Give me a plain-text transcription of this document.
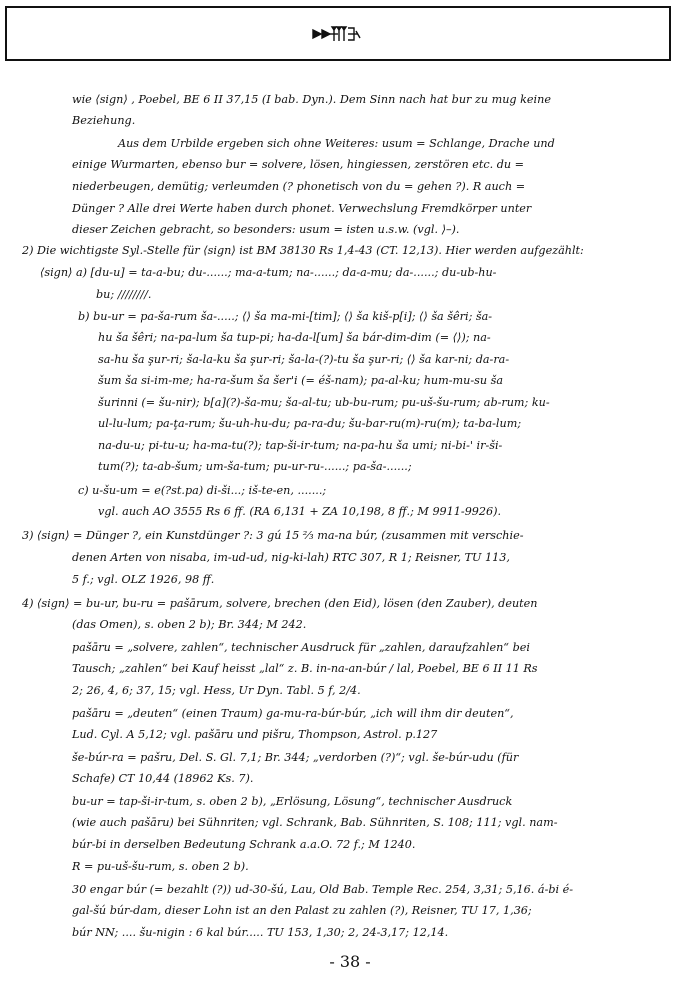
wie ⟨sign⟩ , Poebel, BE 6 II 37,15 (I bab. Dyn.). Dem Sinn nach hat bur zu mug keine
Beziehung.
Aus dem Urbilde ergeben sich ohne Weiteres: usum = Schlange, Drache und
einige Wurmarten, ebenso bur = solvere, lösen, hingiessen, zerstören etc. du =
niederbeugen, demütig; verleumden (? phonetisch von du = gehen ?). R auch =
Dünger ? Alle drei Werte haben durch phonet. Verwechslung Fremdkörper unter
dieser Zeichen gebracht, so besonders: usum = isten u.s.w. (vgl. ⟩–).
2) Die wichtigste Syl.-Stelle für ⟨sign⟩ ist BM 38130 Rs 1,4-43 (CT. 12,13). Hier werden aufgezählt:
⟨sign⟩ a) [du-u] = ta-a-bu; du-......; ma-a-tum; na-......; da-a-mu; da-......; du-ub-hu-
bu; ////////.
b) bu-ur = pa-ša-rum ša-.....; ⟨⟩ ša ma-mi-[tim]; ⟨⟩ ša kiš-p[i]; ⟨⟩ ša šêri; ša-
hu ša šêri; na-pa-lum ša tup-pi; ha-da-l[um] ša bár-dim-dim (= ⟨⟩); na-
sa-hu ša şur-ri; ša-la-ku ša şur-ri; ša-la-(?)-tu ša şur-ri; ⟨⟩ ša kar-ni; da-ra-
šum ša si-im-me; ha-ra-šum ša šer'i (= éš-nam); pa-al-ku; hum-mu-su ša
šurinni (= šu-nir); b[a](?)-ša-mu; ša-al-tu; ub-bu-rum; pu-uš-šu-rum; ab-rum; ku-
ul-lu-lum; pa-ţa-rum; šu-uh-hu-du; pa-ra-du; šu-bar-ru(m)-ru(m); ta-ba-lum;
na-du-u; pi-tu-u; ha-ma-tu(?); tap-ši-ir-tum; na-pa-hu ša umi; ni-bi-' ir-ši-
tum(?); ta-ab-šum; um-ša-tum; pu-ur-ru-......; pa-ša-......;
c) u-šu-um = e(?st.pa) di-ši...; iš-te-en, .......;
vgl. auch AO 3555 Rs 6 ff. (RA 6,131 + ZA 10,198, 8 ff.; M 9911-9926).
3) ⟨sign⟩ = Dünger ?, ein Kunstdünger ?: 3 gú 15 ⅔ ma-na búr, (zusammen mit verschie-
denen Arten von nisaba, im-ud-ud, nig-ki-lah) RTC 307, R 1; Reisner, TU 113,
5 f.; vgl. OLZ 1926, 98 ff.
4) ⟨sign⟩ = bu-ur, bu-ru = pašārum, solvere, brechen (den Eid), lösen (den Zauber), deuten
(das Omen), s. oben 2 b); Br. 344; M 242.
pašāru = „solvere, zahlen“, technischer Ausdruck für „zahlen, daraufzahlen“ bei
Tausch; „zahlen“ bei Kauf heisst „lal“ z. B. in-na-an-búr / lal, Poebel, BE 6 II 11 Rs
2; 26, 4, 6; 37, 15; vgl. Hess, Ur Dyn. Tabl. 5 f, 2/4.
pašāru = „deuten“ (einen Traum) ga-mu-ra-búr-búr, „ich will ihm dir deuten“,
Lud. Cyl. A 5,12; vgl. pašāru und pišru, Thompson, Astrol. p.127
še-búr-ra = pašru, Del. S. Gl. 7,1; Br. 344; „verdorben (?)“; vgl. še-búr-udu (für
Schafe) CT 10,44 (18962 Ks. 7).
bu-ur = tap-ši-ir-tum, s. oben 2 b), „Erlösung, Lösung“, technischer Ausdruck
(wie auch pašāru) bei Sühnriten; vgl. Schrank, Bab. Sühnriten, S. 108; 111; vgl. nam-
búr-bi in derselben Bedeutung Schrank a.a.O. 72 f.; M 1240.
R = pu-uš-šu-rum, s. oben 2 b).
30 engar búr (= bezahlt (?)) ud-30-šú, Lau, Old Bab. Temple Rec. 254, 3,31; 5,16. á-bi é-
gal-šú búr-dam, dieser Lohn ist an den Palast zu zahlen (?), Reisner, TU 17, 1,36;
búr NN; .... šu-nigin : 6 kal búr..... TU 153, 1,30; 2, 24-3,17; 12,14.
- 38 -
